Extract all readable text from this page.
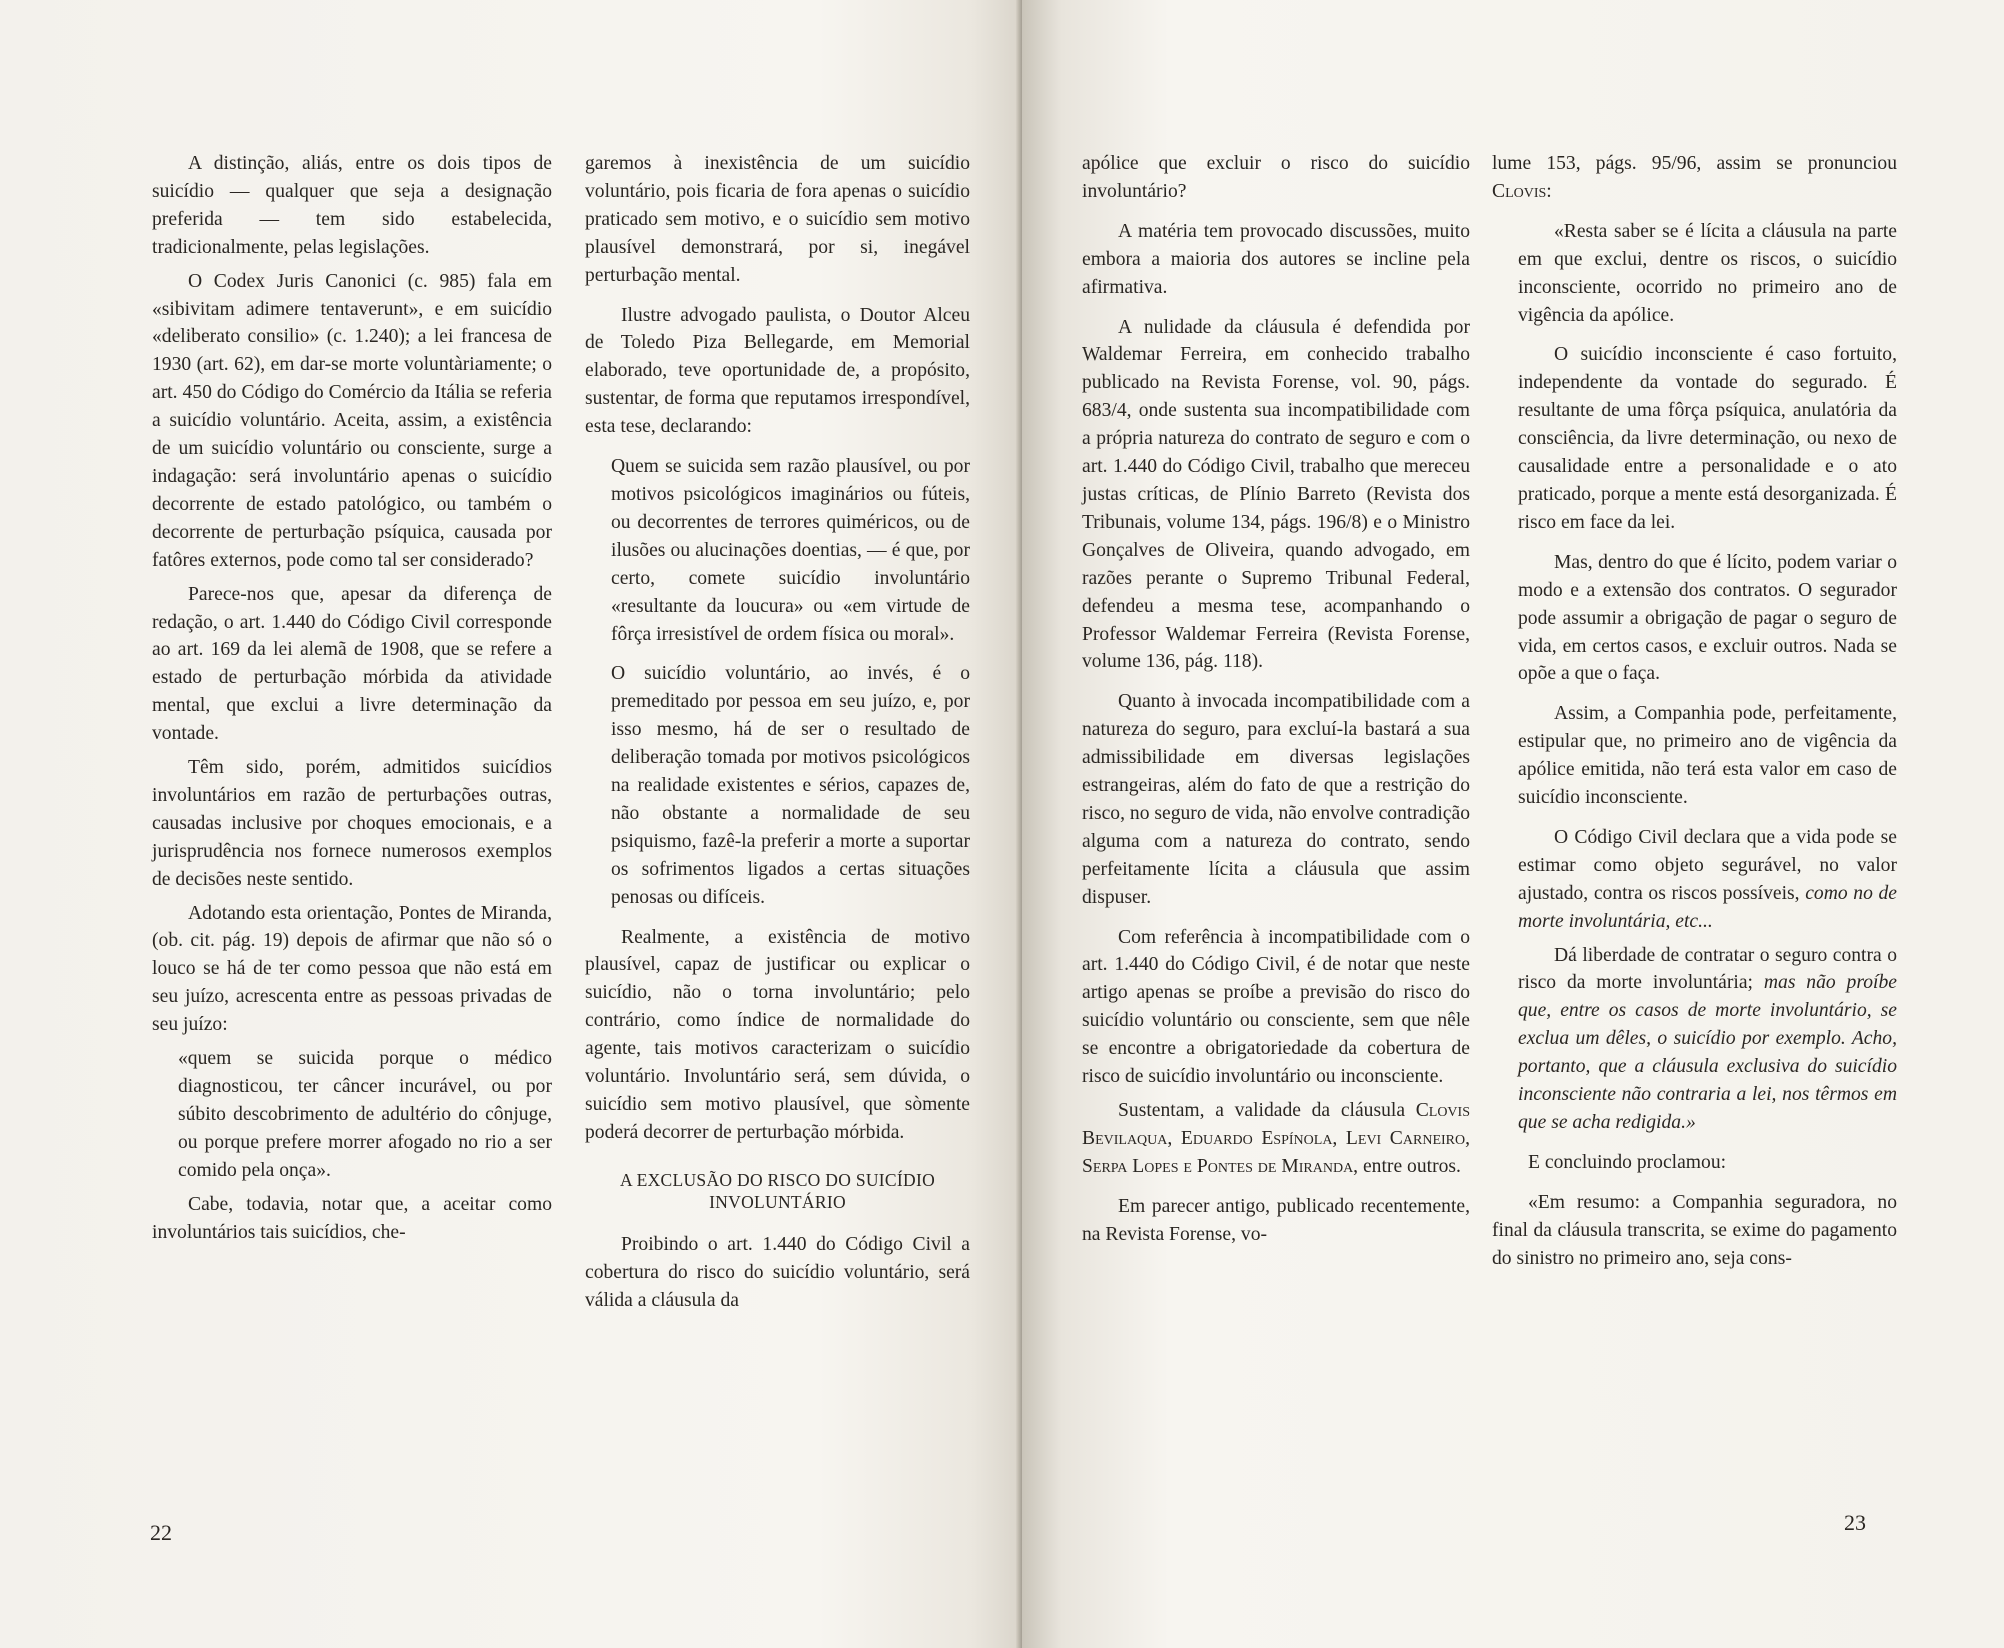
A distinção, aliás, entre os dois tipos de suicídio — qualquer que seja a designação preferida — tem sido estabelecida, tradicionalmente, pelas legislações.

O Codex Juris Canonici (c. 985) fala em «sibivitam adimere tentaverunt», e em suicídio «deliberato consilio» (c. 1.240); a lei francesa de 1930 (art. 62), em dar-se morte voluntàriamente; o art. 450 do Código do Comércio da Itália se referia a suicídio voluntário. Aceita, assim, a existência de um suicídio voluntário ou consciente, surge a indagação: será involuntário apenas o suicídio decorrente de estado patológico, ou também o decorrente de perturbação psíquica, causada por fatôres externos, pode como tal ser considerado?

Parece-nos que, apesar da diferença de redação, o art. 1.440 do Código Civil corresponde ao art. 169 da lei alemã de 1908, que se refere a estado de perturbação mórbida da atividade mental, que exclui a livre determinação da vontade.

Têm sido, porém, admitidos suicídios involuntários em razão de perturbações outras, causadas inclusive por choques emocionais, e a jurisprudência nos fornece numerosos exemplos de decisões neste sentido.

Adotando esta orientação, Pontes de Miranda, (ob. cit. pág. 19) depois de afirmar que não só o louco se há de ter como pessoa que não está em seu juízo, acrescenta entre as pessoas privadas de seu juízo:

«quem se suicida porque o médico diagnosticou, ter câncer incurável, ou por súbito descobrimento de adultério do cônjuge, ou porque prefere morrer afogado no rio a ser comido pela onça».

Cabe, todavia, notar que, a aceitar como involuntários tais suicídios, che-

garemos à inexistência de um suicídio voluntário, pois ficaria de fora apenas o suicídio praticado sem motivo, e o suicídio sem motivo plausível demonstrará, por si, inegável perturbação mental.

Ilustre advogado paulista, o Doutor Alceu de Toledo Piza Bellegarde, em Memorial elaborado, teve oportunidade de, a propósito, sustentar, de forma que reputamos irrespondível, esta tese, declarando:

Quem se suicida sem razão plausível, ou por motivos psicológicos imaginários ou fúteis, ou decorrentes de terrores quiméricos, ou de ilusões ou alucinações doentias, — é que, por certo, comete suicídio involuntário «resultante da loucura» ou «em virtude de fôrça irresistível de ordem física ou moral».

O suicídio voluntário, ao invés, é o premeditado por pessoa em seu juízo, e, por isso mesmo, há de ser o resultado de deliberação tomada por motivos psicológicos na realidade existentes e sérios, capazes de, não obstante a normalidade de seu psiquismo, fazê-la preferir a morte a suportar os sofrimentos ligados a certas situações penosas ou difíceis.

Realmente, a existência de motivo plausível, capaz de justificar ou explicar o suicídio, não o torna involuntário; pelo contrário, como índice de normalidade do agente, tais motivos caracterizam o suicídio voluntário. Involuntário será, sem dúvida, o suicídio sem motivo plausível, que sòmente poderá decorrer de perturbação mórbida.

A EXCLUSÃO DO RISCO DO SUICÍDIO INVOLUNTÁRIO

Proibindo o art. 1.440 do Código Civil a cobertura do risco do suicídio voluntário, será válida a cláusula da

22

apólice que excluir o risco do suicídio involuntário?

A matéria tem provocado discussões, muito embora a maioria dos autores se incline pela afirmativa.

A nulidade da cláusula é defendida por Waldemar Ferreira, em conhecido trabalho publicado na Revista Forense, vol. 90, págs. 683/4, onde sustenta sua incompatibilidade com a própria natureza do contrato de seguro e com o art. 1.440 do Código Civil, trabalho que mereceu justas críticas, de Plínio Barreto (Revista dos Tribunais, volume 134, págs. 196/8) e o Ministro Gonçalves de Oliveira, quando advogado, em razões perante o Supremo Tribunal Federal, defendeu a mesma tese, acompanhando o Professor Waldemar Ferreira (Revista Forense, volume 136, pág. 118).

Quanto à invocada incompatibilidade com a natureza do seguro, para excluí-la bastará a sua admissibilidade em diversas legislações estrangeiras, além do fato de que a restrição do risco, no seguro de vida, não envolve contradição alguma com a natureza do contrato, sendo perfeitamente lícita a cláusula que assim dispuser.

Com referência à incompatibilidade com o art. 1.440 do Código Civil, é de notar que neste artigo apenas se proíbe a previsão do risco do suicídio voluntário ou consciente, sem que nêle se encontre a obrigatoriedade da cobertura de risco de suicídio involuntário ou inconsciente.

Sustentam, a validade da cláusula Clovis Bevilaqua, Eduardo Espínola, Levi Carneiro, Serpa Lopes e Pontes de Miranda, entre outros.

Em parecer antigo, publicado recentemente, na Revista Forense, vo-

lume 153, págs. 95/96, assim se pronunciou Clovis:

«Resta saber se é lícita a cláusula na parte em que exclui, dentre os riscos, o suicídio inconsciente, ocorrido no primeiro ano de vigência da apólice.

O suicídio inconsciente é caso fortuito, independente da vontade do segurado. É resultante de uma fôrça psíquica, anulatória da consciência, da livre determinação, ou nexo de causalidade entre a personalidade e o ato praticado, porque a mente está desorganizada. É risco em face da lei.

Mas, dentro do que é lícito, podem variar o modo e a extensão dos contratos. O segurador pode assumir a obrigação de pagar o seguro de vida, em certos casos, e excluir outros. Nada se opõe a que o faça.

Assim, a Companhia pode, perfeitamente, estipular que, no primeiro ano de vigência da apólice emitida, não terá esta valor em caso de suicídio inconsciente.

O Código Civil declara que a vida pode se estimar como objeto segurável, no valor ajustado, contra os riscos possíveis, como no de morte involuntária, etc...

Dá liberdade de contratar o seguro contra o risco da morte involuntária; mas não proíbe que, entre os casos de morte involuntário, se exclua um dêles, o suicídio por exemplo. Acho, portanto, que a cláusula exclusiva do suicídio inconsciente não contraria a lei, nos têrmos em que se acha redigida.»

E concluindo proclamou:

«Em resumo: a Companhia seguradora, no final da cláusula transcrita, se exime do pagamento do sinistro no primeiro ano, seja cons-

23
